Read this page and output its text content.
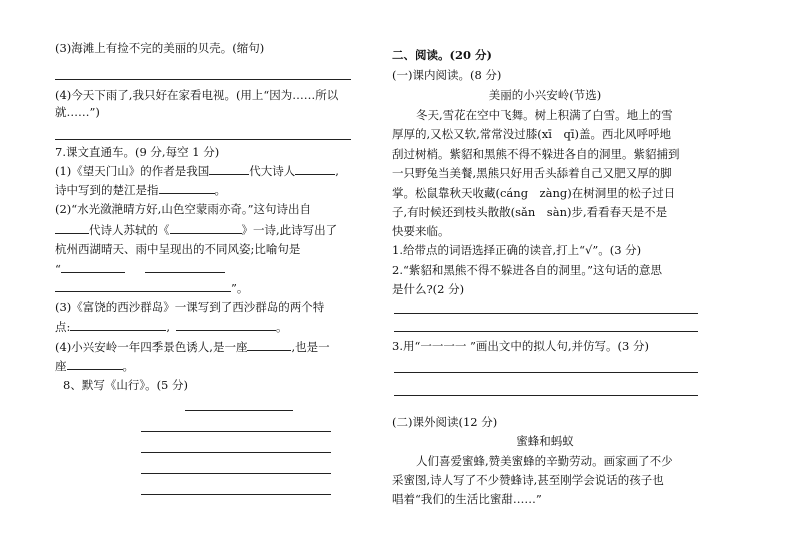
(3)海滩上有捡不完的美丽的贝壳。(缩句)
(4)今天下雨了,我只好在家看电视。(用上“因为……所以
就……”)
7.课文直通车。(9 分,每空 1 分)
(1)《望天门山》的作者是我国	代大诗人	,
诗中写到的楚江是指	。
(2)“水光潋滟晴方好,山色空蒙雨亦奇。”这句诗出自
代诗人苏轼的《	》一诗,此诗写出了
杭州西湖晴天、雨中呈现出的不同风姿;比喻句是
“
”。
(3)《富饶的西沙群岛》一课写到了西沙群岛的两个特
点:	,	。
(4)小兴安岭一年四季景色诱人,是一座	,也是一
座	。
8、默写《山行》。(5 分)
二、阅读。(20 分)
(一)课内阅读。(8 分)
美丽的小兴安岭(节选)
冬天,雪花在空中飞舞。树上积满了白雪。地上的雪
厚厚的,又松又软,常常没过膝(xī　qī)盖。西北风呼呼地
刮过树梢。紫貂和黑熊不得不躲进各自的洞里。紫貂捕到
一只野兔当美餐,黑熊只好用舌头舔着自己又肥又厚的脚
掌。松鼠靠秋天收藏(cáng　zàng)在树洞里的松子过日
子,有时候还到枝头散散(sǎn　sàn)步,看看春天是不是
快要来临。
1.给带点的词语选择正确的读音,打上“√”。(3 分)
2.“紫貂和黑熊不得不躲进各自的洞里。”这句话的意思
是什么?(2 分)
3.用“一一一一 ”画出文中的拟人句,并仿写。(3 分)
(二)课外阅读(12 分)
蜜蜂和蚂蚁
人们喜爱蜜蜂,赞美蜜蜂的辛勤劳动。画家画了不少
采蜜图,诗人写了不少赞蜂诗,甚至刚学会说话的孩子也
唱着“我们的生活比蜜甜……”
